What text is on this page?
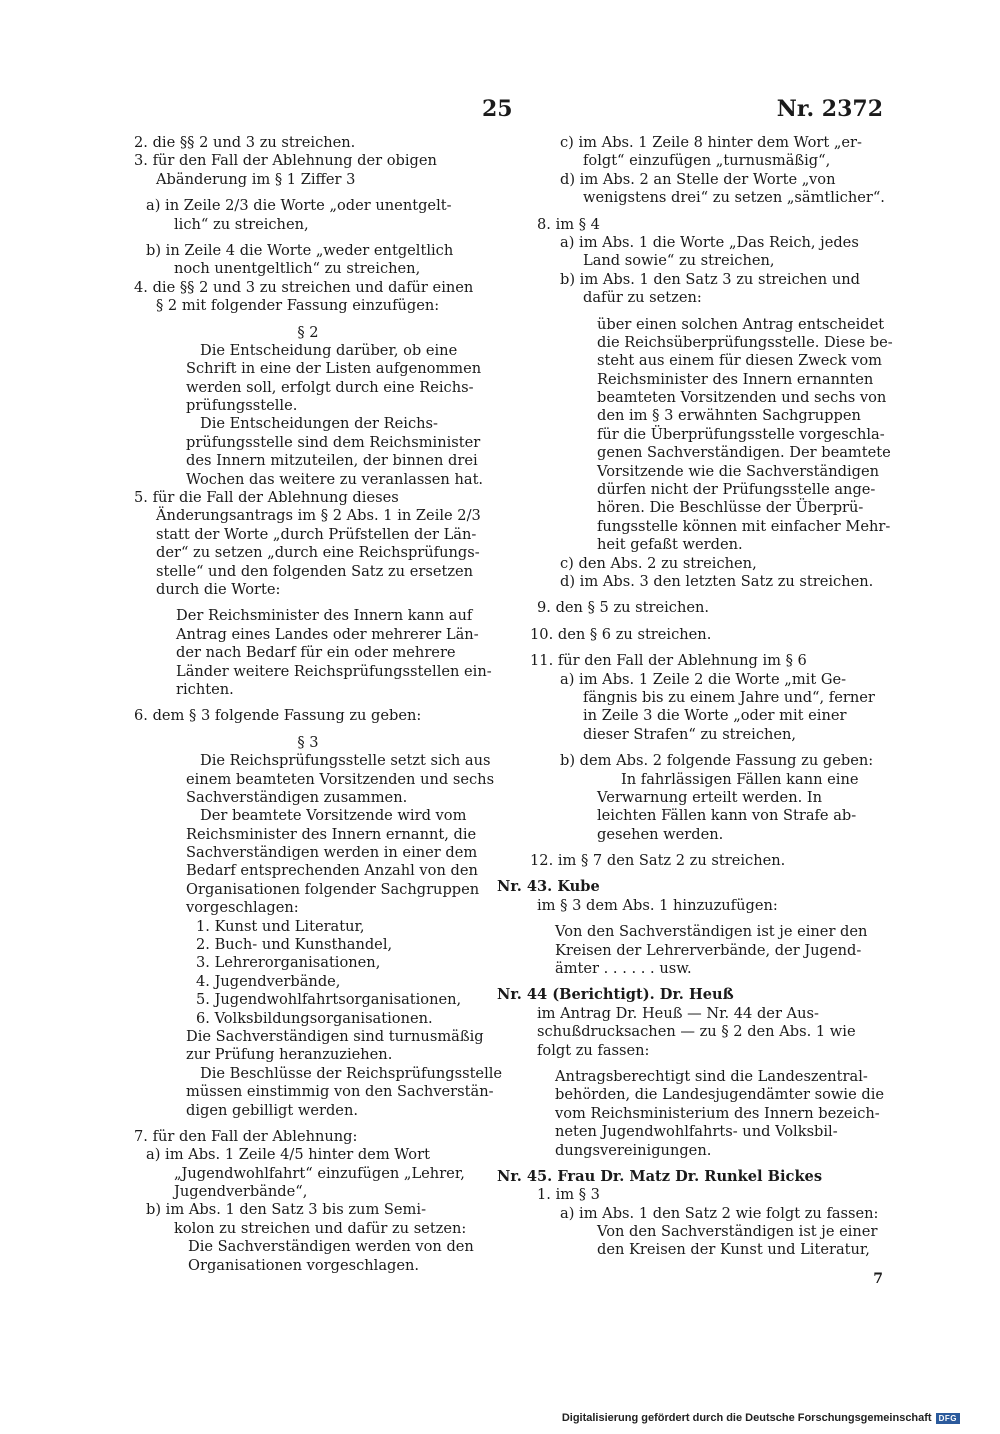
25	Nr. 2372
2. die §§ 2 und 3 zu streichen.
3. für den Fall der Ablehnung der obigen
Abänderung im § 1 Ziffer 3
a) in Zeile 2/3 die Worte „oder unentgelt-
lich“ zu streichen,
b) in Zeile 4 die Worte „weder entgeltlich
noch unentgeltlich“ zu streichen,
4. die §§ 2 und 3 zu streichen und dafür einen
§ 2 mit folgender Fassung einzufügen:
§ 2
Die Entscheidung darüber, ob eine
Schrift in eine der Listen aufgenommen
werden soll, erfolgt durch eine Reichs-
prüfungsstelle.
Die Entscheidungen der Reichs-
prüfungsstelle sind dem Reichsminister
des Innern mitzuteilen, der binnen drei
Wochen das weitere zu veranlassen hat.
5. für die Fall der Ablehnung dieses
Änderungsantrags im § 2 Abs. 1 in Zeile 2/3
statt der Worte „durch Prüfstellen der Län-
der“ zu setzen „durch eine Reichsprüfungs-
stelle“ und den folgenden Satz zu ersetzen
durch die Worte:
Der Reichsminister des Innern kann auf
Antrag eines Landes oder mehrerer Län-
der nach Bedarf für ein oder mehrere
Länder weitere Reichsprüfungsstellen ein-
richten.
6. dem § 3 folgende Fassung zu geben:
§ 3
Die Reichsprüfungsstelle setzt sich aus
einem beamteten Vorsitzenden und sechs
Sachverständigen zusammen.
Der beamtete Vorsitzende wird vom
Reichsminister des Innern ernannt, die
Sachverständigen werden in einer dem
Bedarf entsprechenden Anzahl von den
Organisationen folgender Sachgruppen
vorgeschlagen:
1. Kunst und Literatur,
2. Buch- und Kunsthandel,
3. Lehrerorganisationen,
4. Jugendverbände,
5. Jugendwohlfahrtsorganisationen,
6. Volksbildungsorganisationen.
Die Sachverständigen sind turnusmäßig
zur Prüfung heranzuziehen.
Die Beschlüsse der Reichsprüfungsstelle
müssen einstimmig von den Sachverstän-
digen gebilligt werden.
7. für den Fall der Ablehnung:
a) im Abs. 1 Zeile 4/5 hinter dem Wort
„Jugendwohlfahrt“ einzufügen „Lehrer,
Jugendverbände“,
b) im Abs. 1 den Satz 3 bis zum Semi-
kolon zu streichen und dafür zu setzen:
Die Sachverständigen werden von den
Organisationen vorgeschlagen.
c) im Abs. 1 Zeile 8 hinter dem Wort „er-
folgt“ einzufügen „turnusmäßig“,
d) im Abs. 2 an Stelle der Worte „von
wenigstens drei“ zu setzen „sämtlicher“.
8. im § 4
a) im Abs. 1 die Worte „Das Reich, jedes
Land sowie“ zu streichen,
b) im Abs. 1 den Satz 3 zu streichen und
dafür zu setzen:
über einen solchen Antrag entscheidet
die Reichsüberprüfungsstelle. Diese be-
steht aus einem für diesen Zweck vom
Reichsminister des Innern ernannten
beamteten Vorsitzenden und sechs von
den im § 3 erwähnten Sachgruppen
für die Überprüfungsstelle vorgeschla-
genen Sachverständigen. Der beamtete
Vorsitzende wie die Sachverständigen
dürfen nicht der Prüfungsstelle ange-
hören. Die Beschlüsse der Überprü-
fungsstelle können mit einfacher Mehr-
heit gefaßt werden.
c) den Abs. 2 zu streichen,
d) im Abs. 3 den letzten Satz zu streichen.
9. den § 5 zu streichen.
10. den § 6 zu streichen.
11. für den Fall der Ablehnung im § 6
a) im Abs. 1 Zeile 2 die Worte „mit Ge-
fängnis bis zu einem Jahre und“, ferner
in Zeile 3 die Worte „oder mit einer
dieser Strafen“ zu streichen,
b) dem Abs. 2 folgende Fassung zu geben:
In fahrlässigen Fällen kann eine
Verwarnung erteilt werden. In
leichten Fällen kann von Strafe ab-
gesehen werden.
12. im § 7 den Satz 2 zu streichen.
Nr. 43. Kube
im § 3 dem Abs. 1 hinzuzufügen:
Von den Sachverständigen ist je einer den
Kreisen der Lehrerverbände, der Jugend-
ämter . . . . . . usw.
Nr. 44 (Berichtigt). Dr. Heuß
im Antrag Dr. Heuß — Nr. 44 der Aus-
schußdrucksachen — zu § 2 den Abs. 1 wie
folgt zu fassen:
Antragsberechtigt sind die Landeszentral-
behörden, die Landesjugendämter sowie die
vom Reichsministerium des Innern bezeich-
neten Jugendwohlfahrts- und Volksbil-
dungsvereinigungen.
Nr. 45. Frau Dr. Matz Dr. Runkel Bickes
1. im § 3
a) im Abs. 1 den Satz 2 wie folgt zu fassen:
Von den Sachverständigen ist je einer
den Kreisen der Kunst und Literatur,
7
Digitalisierung gefördert durch die Deutsche Forschungsgemeinschaft DFG
